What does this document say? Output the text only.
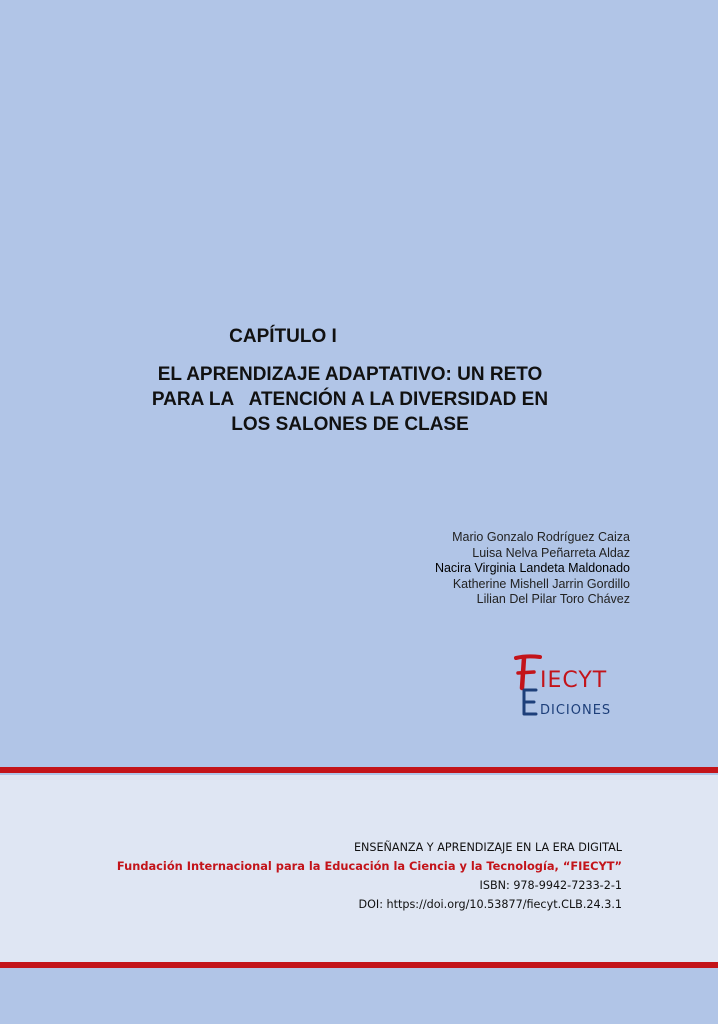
CAPÍTULO I
EL APRENDIZAJE ADAPTATIVO: UN RETO
PARA LA   ATENCIÓN A LA DIVERSIDAD EN
LOS SALONES DE CLASE
Mario Gonzalo Rodríguez Caiza
Luisa Nelva Peñarreta Aldaz
Nacira Virginia Landeta Maldonado
Katherine Mishell Jarrin Gordillo
Lilian Del Pilar Toro Chávez
IECYT
DICIONES
ENSEÑANZA Y APRENDIZAJE EN LA ERA DIGITAL
Fundación Internacional para la Educación la Ciencia y la Tecnología, “FIECYT”
ISBN: 978-9942-7233-2-1
DOI: https://doi.org/10.53877/fiecyt.CLB.24.3.1
